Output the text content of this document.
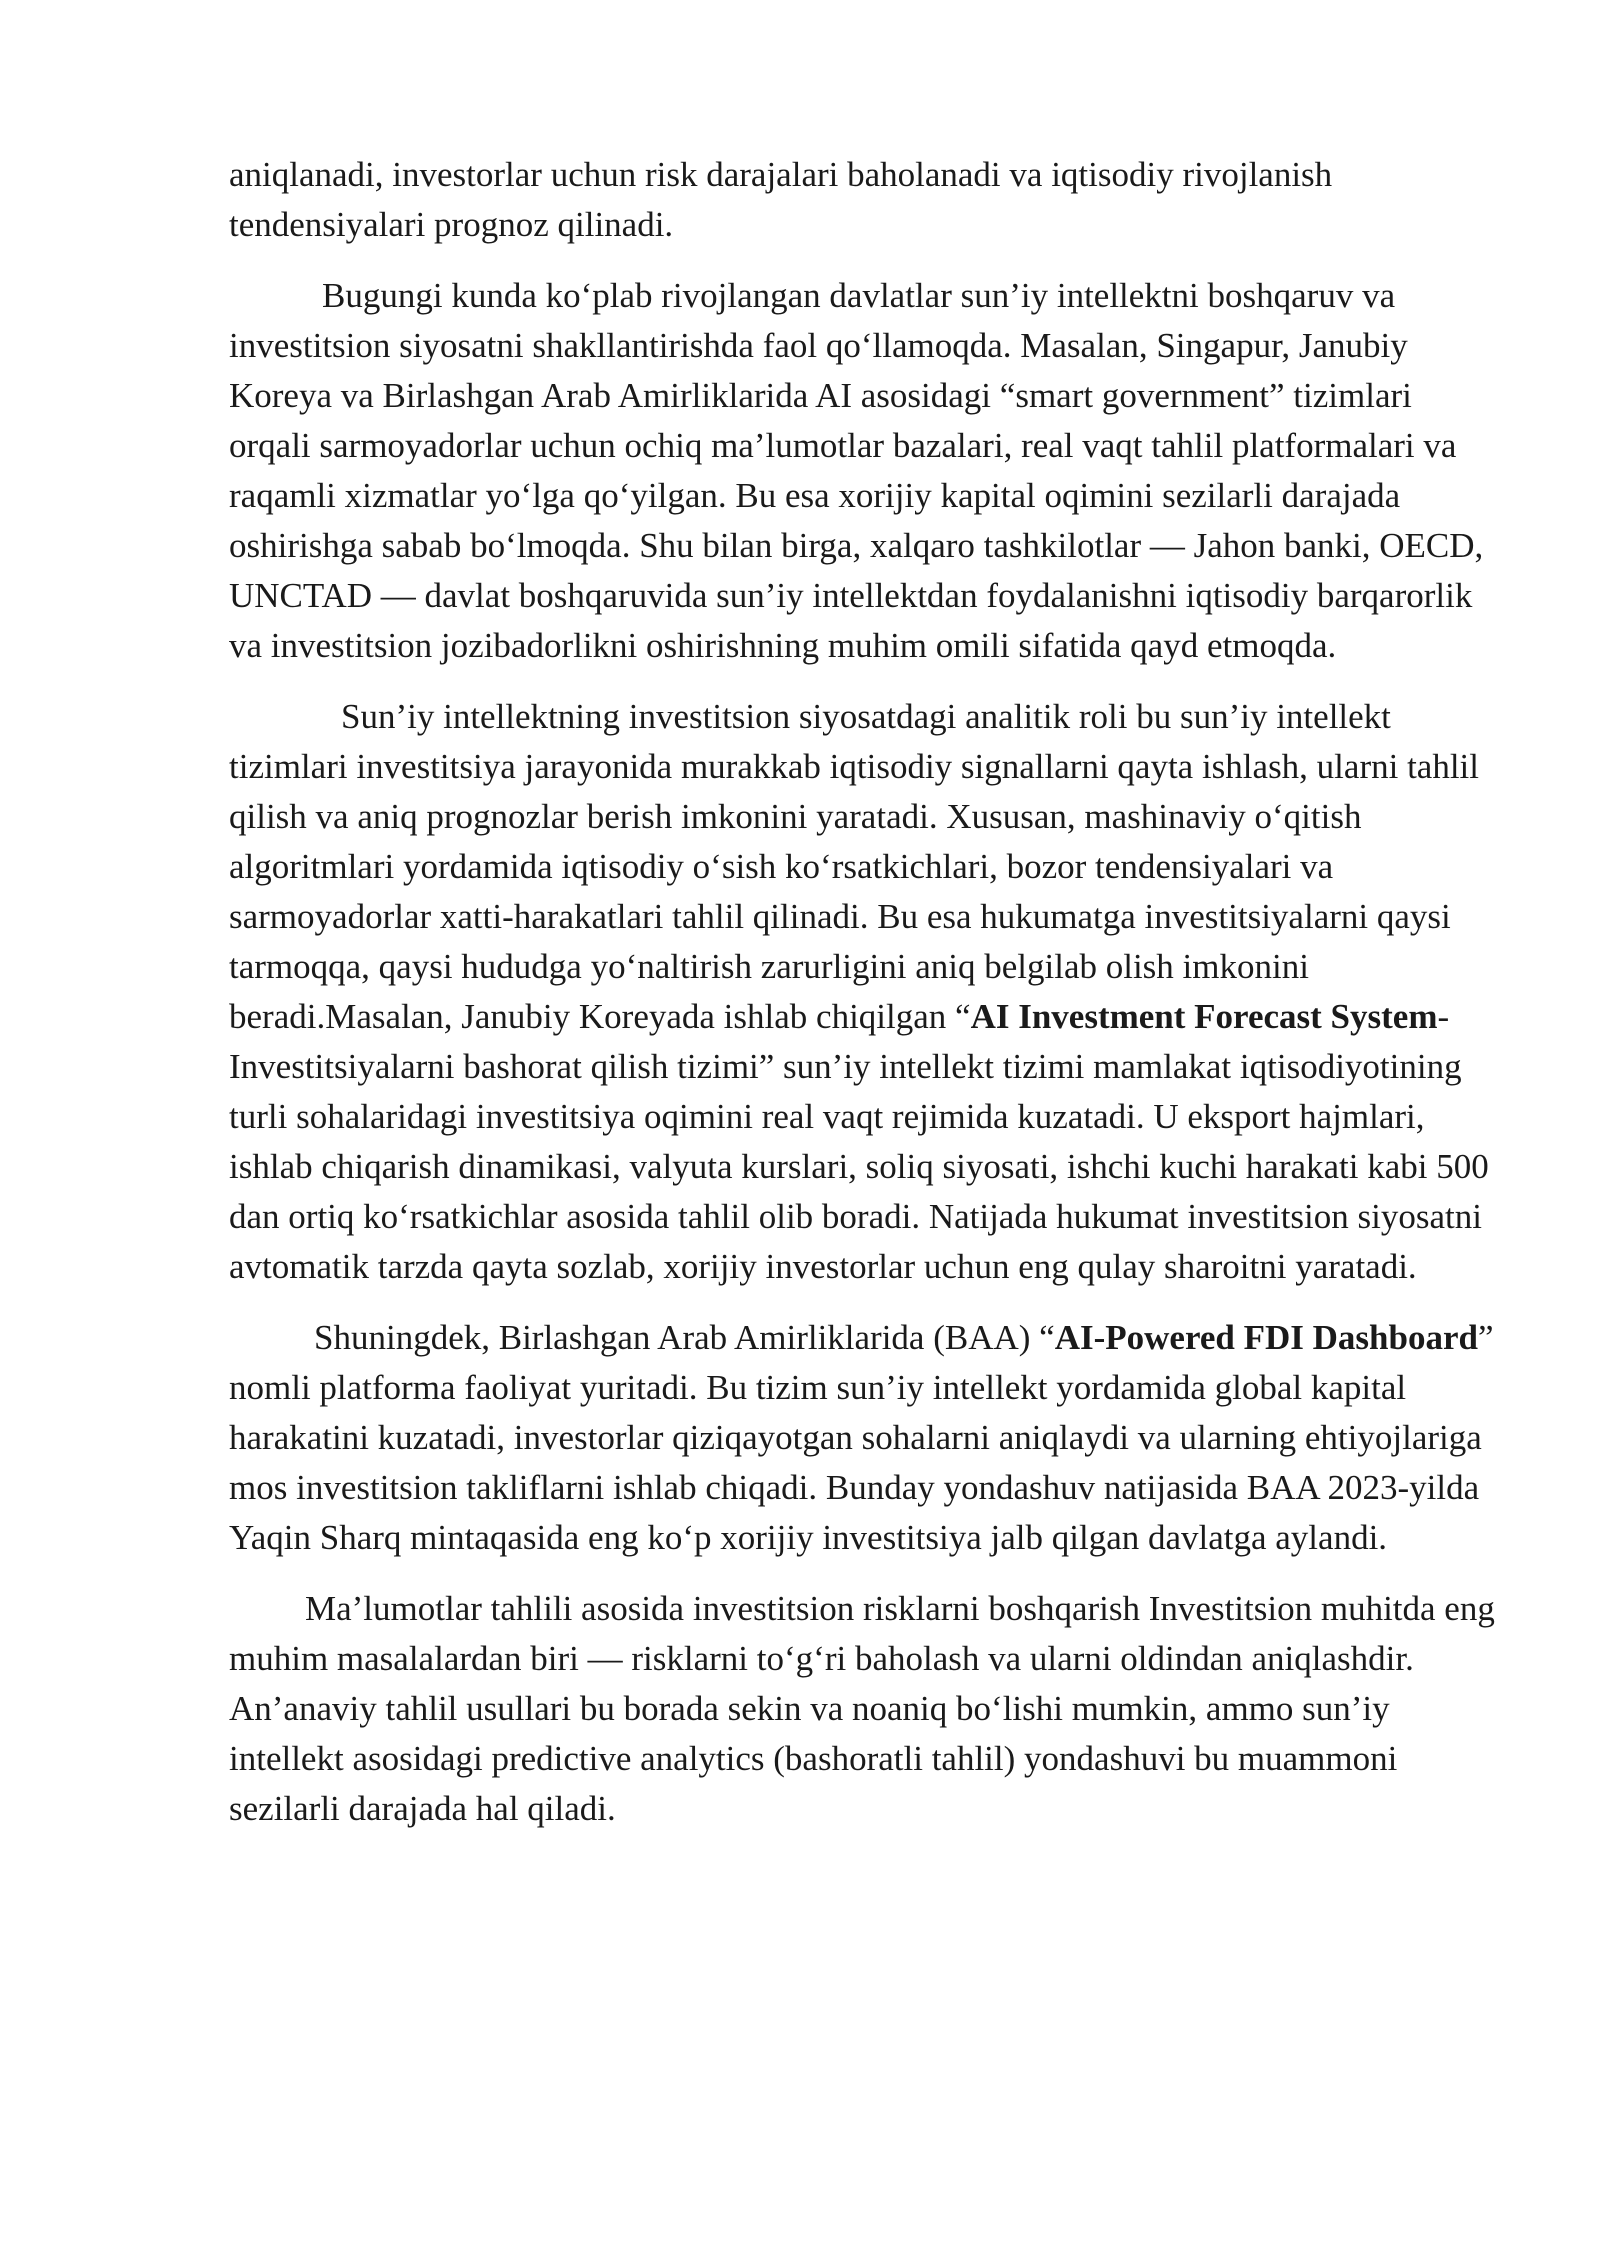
aniqlanadi, investorlar uchun risk darajalari baholanadi va iqtisodiy rivojlanish tendensiyalari prognoz qilinadi.

Bugungi kunda ko‘plab rivojlangan davlatlar sun’iy intellektni boshqaruv va investitsion siyosatni shakllantirishda faol qo‘llamoqda. Masalan, Singapur, Janubiy Koreya va Birlashgan Arab Amirliklarida AI asosidagi “smart government” tizimlari orqali sarmoyadorlar uchun ochiq ma’lumotlar bazalari, real vaqt tahlil platformalari va raqamli xizmatlar yo‘lga qo‘yilgan. Bu esa xorijiy kapital oqimini sezilarli darajada oshirishga sabab bo‘lmoqda. Shu bilan birga, xalqaro tashkilotlar — Jahon banki, OECD, UNCTAD — davlat boshqaruvida sun’iy intellektdan foydalanishni iqtisodiy barqarorlik va investitsion jozibadorlikni oshirishning muhim omili sifatida qayd etmoqda.

Sun’iy intellektning investitsion siyosatdagi analitik roli bu sun’iy intellekt tizimlari investitsiya jarayonida murakkab iqtisodiy signallarni qayta ishlash, ularni tahlil qilish va aniq prognozlar berish imkonini yaratadi. Xususan, mashinaviy o‘qitish algoritmlari yordamida iqtisodiy o‘sish ko‘rsatkichlari, bozor tendensiyalari va sarmoyadorlar xatti-harakatlari tahlil qilinadi. Bu esa hukumatga investitsiyalarni qaysi tarmoqqa, qaysi hududga yo‘naltirish zarurligini aniq belgilab olish imkonini beradi.Masalan, Janubiy Koreyada ishlab chiqilgan “AI Investment Forecast System-Investitsiyalarni bashorat qilish tizimi” sun’iy intellekt tizimi mamlakat iqtisodiyotining turli sohalaridagi investitsiya oqimini real vaqt rejimida kuzatadi. U eksport hajmlari, ishlab chiqarish dinamikasi, valyuta kurslari, soliq siyosati, ishchi kuchi harakati kabi 500 dan ortiq ko‘rsatkichlar asosida tahlil olib boradi. Natijada hukumat investitsion siyosatni avtomatik tarzda qayta sozlab, xorijiy investorlar uchun eng qulay sharoitni yaratadi.

Shuningdek, Birlashgan Arab Amirliklarida (BAA) “AI-Powered FDI Dashboard” nomli platforma faoliyat yuritadi. Bu tizim sun’iy intellekt yordamida global kapital harakatini kuzatadi, investorlar qiziqayotgan sohalarni aniqlaydi va ularning ehtiyojlariga mos investitsion takliflarni ishlab chiqadi. Bunday yondashuv natijasida BAA 2023-yilda Yaqin Sharq mintaqasida eng ko‘p xorijiy investitsiya jalb qilgan davlatga aylandi.

Ma’lumotlar tahlili asosida investitsion risklarni boshqarish Investitsion muhitda eng muhim masalalardan biri — risklarni to‘g‘ri baholash va ularni oldindan aniqlashdir. An’anaviy tahlil usullari bu borada sekin va noaniq bo‘lishi mumkin, ammo sun’iy intellekt asosidagi predictive analytics (bashoratli tahlil) yondashuvi bu muammoni sezilarli darajada hal qiladi.
